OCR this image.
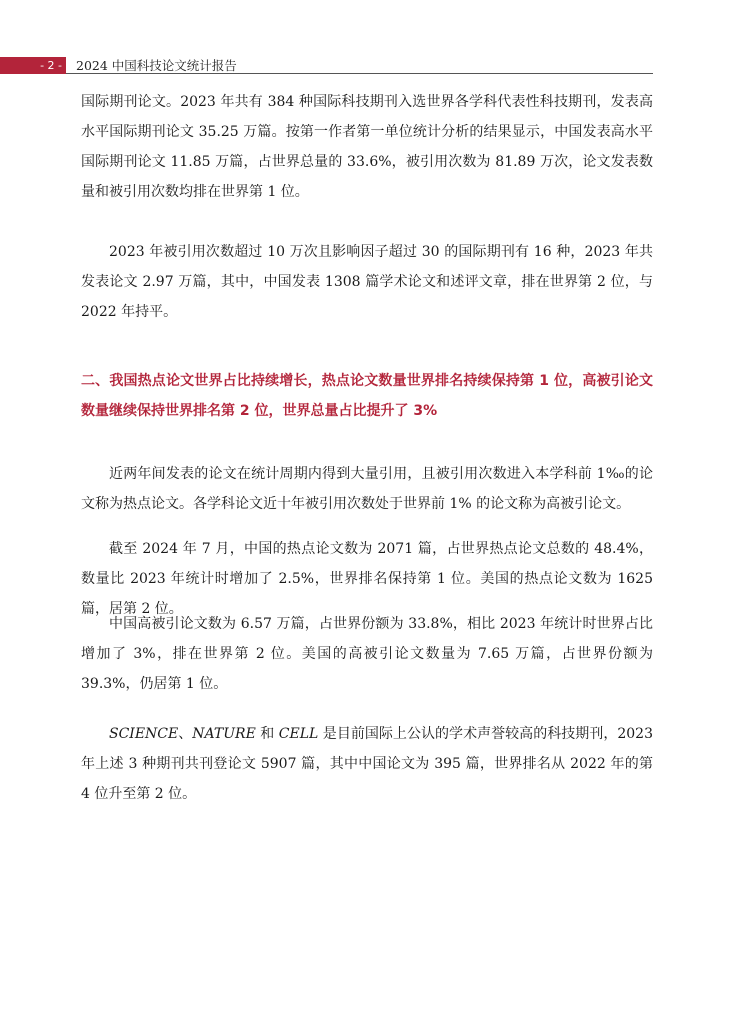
- 2 -	2024 中国科技论文统计报告

国际期刊论文。2023 年共有 384 种国际科技期刊入选世界各学科代表性科技期刊，发表高水平国际期刊论文 35.25 万篇。按第一作者第一单位统计分析的结果显示，中国发表高水平国际期刊论文 11.85 万篇，占世界总量的 33.6%，被引用次数为 81.89 万次，论文发表数量和被引用次数均排在世界第 1 位。

2023 年被引用次数超过 10 万次且影响因子超过 30 的国际期刊有 16 种，2023 年共发表论文 2.97 万篇，其中，中国发表 1308 篇学术论文和述评文章，排在世界第 2 位，与 2022 年持平。

二、我国热点论文世界占比持续增长，热点论文数量世界排名持续保持第 1 位，高被引论文数量继续保持世界排名第 2 位，世界总量占比提升了 3%

近两年间发表的论文在统计周期内得到大量引用，且被引用次数进入本学科前 1‰的论文称为热点论文。各学科论文近十年被引用次数处于世界前 1% 的论文称为高被引论文。

截至 2024 年 7 月，中国的热点论文数为 2071 篇，占世界热点论文总数的 48.4%，数量比 2023 年统计时增加了 2.5%，世界排名保持第 1 位。美国的热点论文数为 1625 篇，居第 2 位。

中国高被引论文数为 6.57 万篇，占世界份额为 33.8%，相比 2023 年统计时世界占比增加了 3%，排在世界第 2 位。美国的高被引论文数量为 7.65 万篇，占世界份额为 39.3%，仍居第 1 位。

SCIENCE、NATURE 和 CELL 是目前国际上公认的学术声誉较高的科技期刊，2023 年上述 3 种期刊共刊登论文 5907 篇，其中中国论文为 395 篇，世界排名从 2022 年的第 4 位升至第 2 位。
